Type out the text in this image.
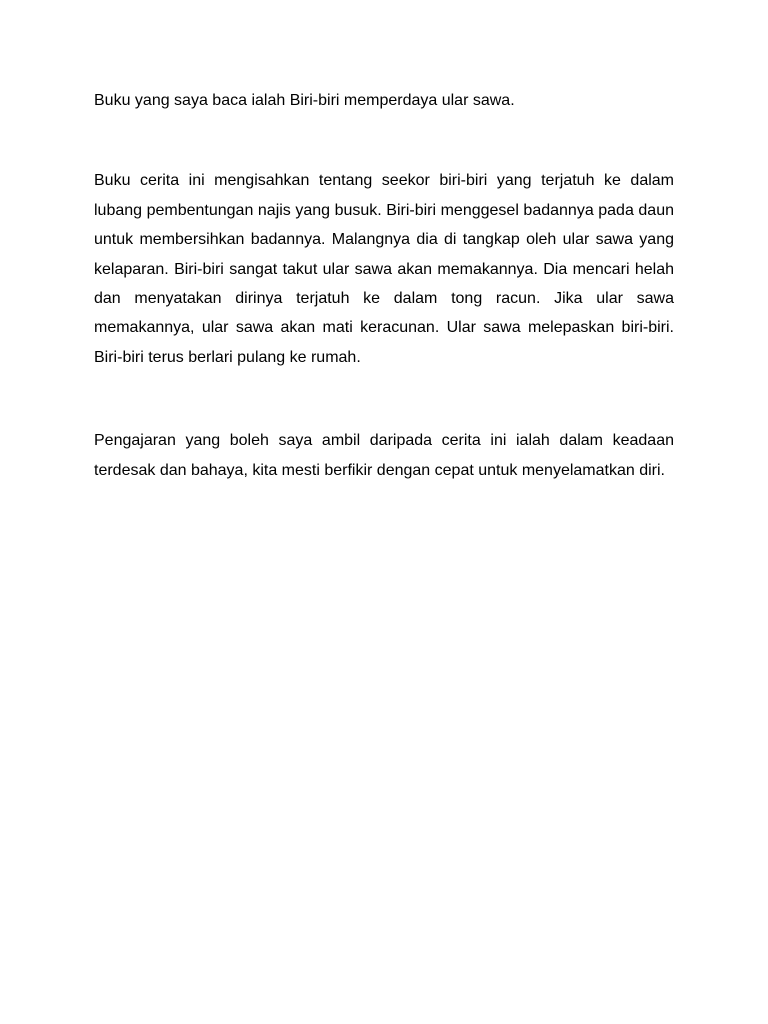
Buku yang saya baca ialah Biri-biri memperdaya ular sawa.

Buku cerita ini mengisahkan tentang seekor biri-biri yang terjatuh ke dalam lubang pembentungan najis yang busuk. Biri-biri menggesel badannya pada daun untuk membersihkan badannya. Malangnya dia di tangkap oleh ular sawa yang kelaparan. Biri-biri sangat takut ular sawa akan memakannya. Dia mencari helah dan menyatakan dirinya terjatuh ke dalam tong racun. Jika ular sawa memakannya, ular sawa akan mati keracunan. Ular sawa melepaskan biri-biri. Biri-biri terus berlari pulang ke rumah.

Pengajaran yang boleh saya ambil daripada cerita ini ialah dalam keadaan terdesak dan bahaya, kita mesti berfikir dengan cepat untuk menyelamatkan diri.
